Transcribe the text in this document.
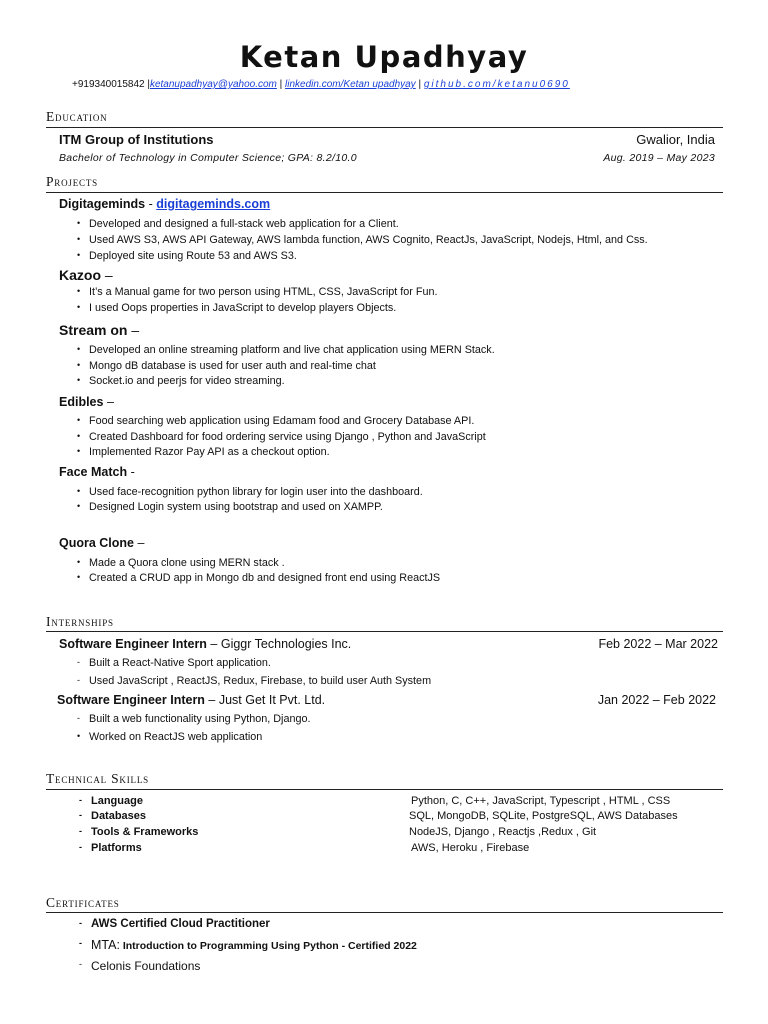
Ketan Upadhyay
+919340015842 |ketanupadhyay@yahoo.com | linkedin.com/Ketan upadhyay | github.com/ketanu0690
Education
ITM Group of Institutions	Gwalior, India
Bachelor of Technology in Computer Science; GPA: 8.2/10.0	Aug. 2019 – May 2023
Projects
Digitageminds - digitageminds.com
• Developed and designed a full-stack web application for a Client.
• Used AWS S3, AWS API Gateway, AWS lambda function, AWS Cognito, ReactJs, JavaScript, Nodejs, Html, and Css.
• Deployed site using Route 53 and AWS S3.
Kazoo –
• It’s a Manual game for two person using HTML, CSS, JavaScript for Fun.
• I used Oops properties in JavaScript to develop players Objects.
Stream on –
• Developed an online streaming platform and live chat application using MERN Stack.
• Mongo dB database is used for user auth and real-time chat
• Socket.io and peerjs for video streaming.
Edibles –
• Food searching web application using Edamam food and Grocery Database API.
• Created Dashboard for food ordering service using Django , Python and JavaScript
• Implemented Razor Pay API as a checkout option.
Face Match -
• Used face-recognition python library for login user into the dashboard.
• Designed Login system using bootstrap and used on XAMPP.
Quora Clone –
• Made a Quora clone using MERN stack .
• Created a CRUD app in Mongo db and designed front end using ReactJS
Internships
Software Engineer Intern – Giggr Technologies Inc.	Feb 2022 – Mar 2022
- Built a React-Native Sport application.
- Used JavaScript , ReactJS, Redux, Firebase, to build user Auth System
Software Engineer Intern – Just Get It Pvt. Ltd.	Jan 2022 – Feb 2022
- Built a web functionality using Python, Django.
• Worked on ReactJS web application
Technical Skills
- Language	Python, C, C++, JavaScript, Typescript , HTML , CSS
- Databases	SQL, MongoDB, SQLite, PostgreSQL, AWS Databases
- Tools & Frameworks	NodeJS, Django , Reactjs ,Redux , Git
- Platforms	AWS, Heroku , Firebase
Certificates
- AWS Certified Cloud Practitioner
- MTA: Introduction to Programming Using Python - Certified 2022
- Celonis Foundations
